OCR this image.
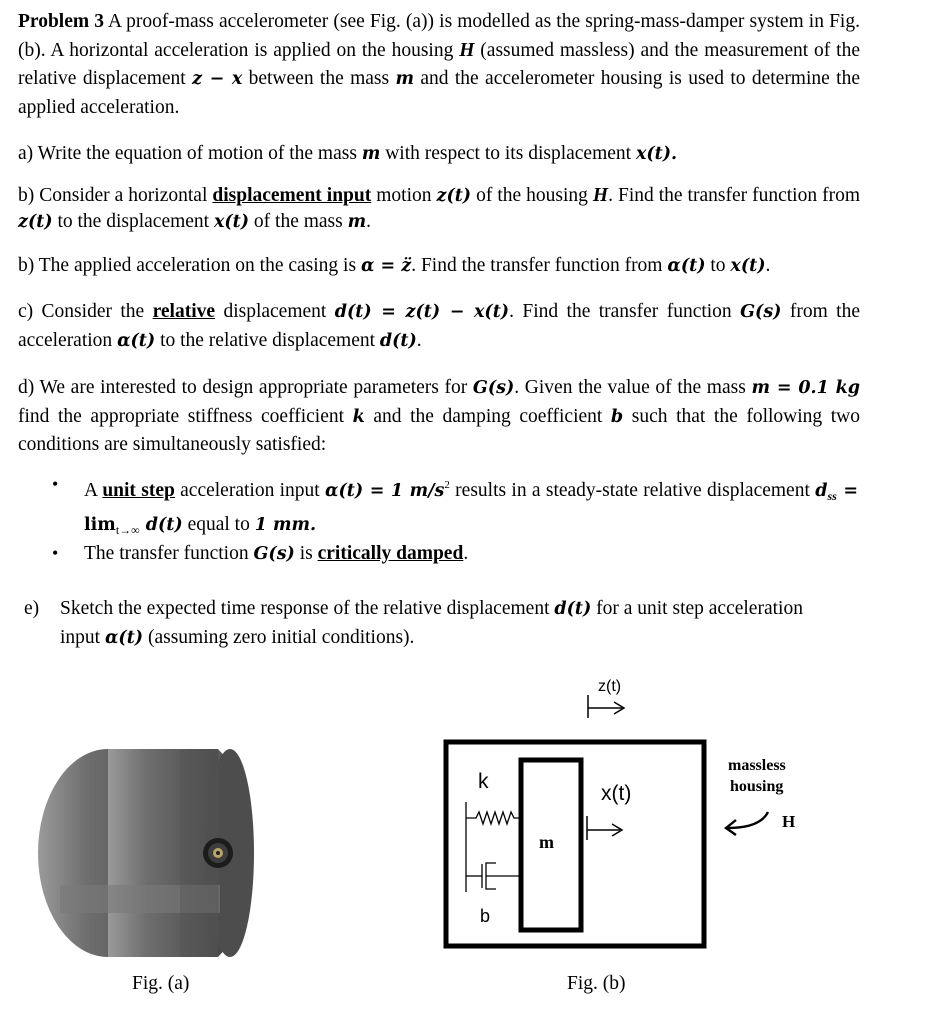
Problem 3 A proof-mass accelerometer (see Fig. (a)) is modelled as the spring-mass-damper system in Fig. (b). A horizontal acceleration is applied on the housing H (assumed massless) and the measurement of the relative displacement z − x between the mass m and the accelerometer housing is used to determine the applied acceleration.
a) Write the equation of motion of the mass m with respect to its displacement x(t).
b) Consider a horizontal displacement input motion z(t) of the housing H. Find the transfer function from z(t) to the displacement x(t) of the mass m.
b) The applied acceleration on the casing is α = z̈. Find the transfer function from α(t) to x(t).
c) Consider the relative displacement d(t) = z(t) − x(t). Find the transfer function G(s) from the acceleration α(t) to the relative displacement d(t).
d) We are interested to design appropriate parameters for G(s). Given the value of the mass m = 0.1 kg find the appropriate stiffness coefficient k and the damping coefficient b such that the following two conditions are simultaneously satisfied:
• A unit step acceleration input α(t) = 1 $m/s^2$ results in a steady-state relative displacement $d_{ss} = \lim_{t\to\infty} d(t)$ equal to 1 mm.
• The transfer function G(s) is critically damped.
e)	Sketch the expected time response of the relative displacement d(t) for a unit step acceleration input α(t) (assuming zero initial conditions).
z(t)
x(t)
k
b
m
massless
housing
H
Fig. (a)	Fig. (b)
